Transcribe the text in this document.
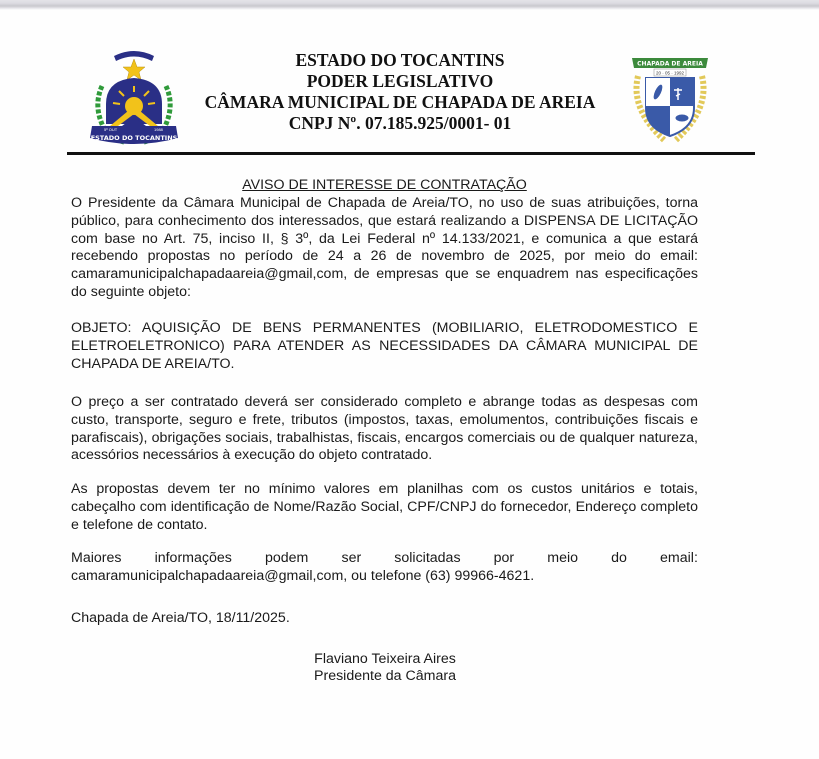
ESTADO DO TOCANTINS
5º OUT	1988
ESTADO DO TOCANTINS
PODER LEGISLATIVO
CÂMARA MUNICIPAL DE CHAPADA DE AREIA
CNPJ Nº. 07.185.925/0001- 01
CHAPADA DE AREIA
20 · 05 · 1992
AVISO DE INTERESSE DE CONTRATAÇÃO
O Presidente da Câmara Municipal de Chapada de Areia/TO, no uso de suas atribuições, torna público, para conhecimento dos interessados, que estará realizando a DISPENSA DE LICITAÇÃO com base no Art. 75, inciso II, § 3º, da Lei Federal nº 14.133/2021, e comunica a que estará recebendo propostas no período de 24 a 26 de novembro de 2025, por meio do email: camaramunicipalchapadaareia@gmail,com, de empresas que se enquadrem nas especificações do seguinte objeto:
OBJETO: AQUISIÇÃO DE BENS PERMANENTES (MOBILIARIO, ELETRODOMESTICO E ELETROELETRONICO) PARA ATENDER AS NECESSIDADES DA CÂMARA MUNICIPAL DE CHAPADA DE AREIA/TO.
O preço a ser contratado deverá ser considerado completo e abrange todas as despesas com custo, transporte, seguro e frete, tributos (impostos, taxas, emolumentos, contribuições fiscais e parafiscais), obrigações sociais, trabalhistas, fiscais, encargos comerciais ou de qualquer natureza, acessórios necessários à execução do objeto contratado.
As propostas devem ter no mínimo valores em planilhas com os custos unitários e totais, cabeçalho com identificação de Nome/Razão Social, CPF/CNPJ do fornecedor, Endereço completo e telefone de contato.
Maiores informações podem ser solicitadas por meio do email:
camaramunicipalchapadaareia@gmail,com, ou telefone (63) 99966-4621.
Chapada de Areia/TO, 18/11/2025.
Flaviano Teixeira Aires
Presidente da Câmara
